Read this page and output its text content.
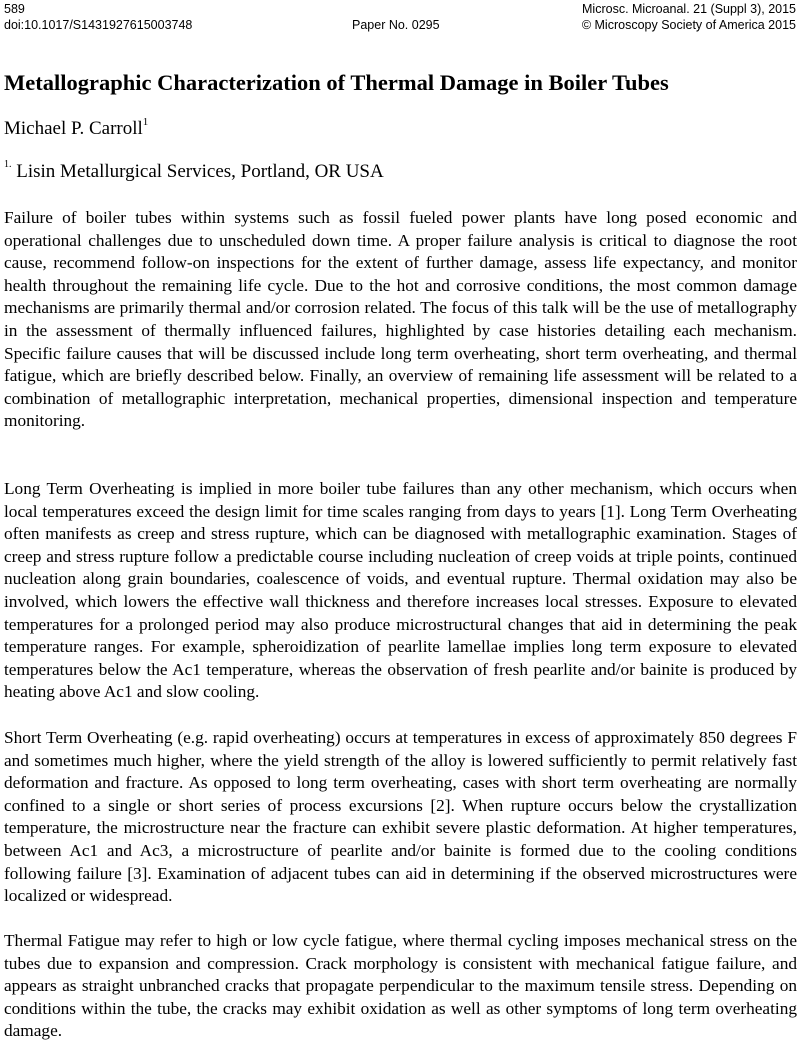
589
doi:10.1017/S1431927615003748	Paper No. 0295
Microsc. Microanal. 21 (Suppl 3), 2015
© Microscopy Society of America 2015
Metallographic Characterization of Thermal Damage in Boiler Tubes
Michael P. Carroll$^1$
$^{1.}$ Lisin Metallurgical Services, Portland, OR USA

Failure of boiler tubes within systems such as fossil fueled power plants have long posed economic and operational challenges due to unscheduled down time. A proper failure analysis is critical to diagnose the root cause, recommend follow-on inspections for the extent of further damage, assess life expectancy, and monitor health throughout the remaining life cycle. Due to the hot and corrosive conditions, the most common damage mechanisms are primarily thermal and/or corrosion related. The focus of this talk will be the use of metallography in the assessment of thermally influenced failures, highlighted by case histories detailing each mechanism. Specific failure causes that will be discussed include long term overheating, short term overheating, and thermal fatigue, which are briefly described below. Finally, an overview of remaining life assessment will be related to a combination of metallographic interpretation, mechanical properties, dimensional inspection and temperature monitoring.

Long Term Overheating is implied in more boiler tube failures than any other mechanism, which occurs when local temperatures exceed the design limit for time scales ranging from days to years [1]. Long Term Overheating often manifests as creep and stress rupture, which can be diagnosed with metallographic examination. Stages of creep and stress rupture follow a predictable course including nucleation of creep voids at triple points, continued nucleation along grain boundaries, coalescence of voids, and eventual rupture. Thermal oxidation may also be involved, which lowers the effective wall thickness and therefore increases local stresses. Exposure to elevated temperatures for a prolonged period may also produce microstructural changes that aid in determining the peak temperature ranges. For example, spheroidization of pearlite lamellae implies long term exposure to elevated temperatures below the Ac1 temperature, whereas the observation of fresh pearlite and/or bainite is produced by heating above Ac1 and slow cooling.

Short Term Overheating (e.g. rapid overheating) occurs at temperatures in excess of approximately 850 degrees F and sometimes much higher, where the yield strength of the alloy is lowered sufficiently to permit relatively fast deformation and fracture. As opposed to long term overheating, cases with short term overheating are normally confined to a single or short series of process excursions [2]. When rupture occurs below the crystallization temperature, the microstructure near the fracture can exhibit severe plastic deformation. At higher temperatures, between Ac1 and Ac3, a microstructure of pearlite and/or bainite is formed due to the cooling conditions following failure [3]. Examination of adjacent tubes can aid in determining if the observed microstructures were localized or widespread.

Thermal Fatigue may refer to high or low cycle fatigue, where thermal cycling imposes mechanical stress on the tubes due to expansion and compression. Crack morphology is consistent with mechanical fatigue failure, and appears as straight unbranched cracks that propagate perpendicular to the maximum tensile stress. Depending on conditions within the tube, the cracks may exhibit oxidation as well as other symptoms of long term overheating damage.
